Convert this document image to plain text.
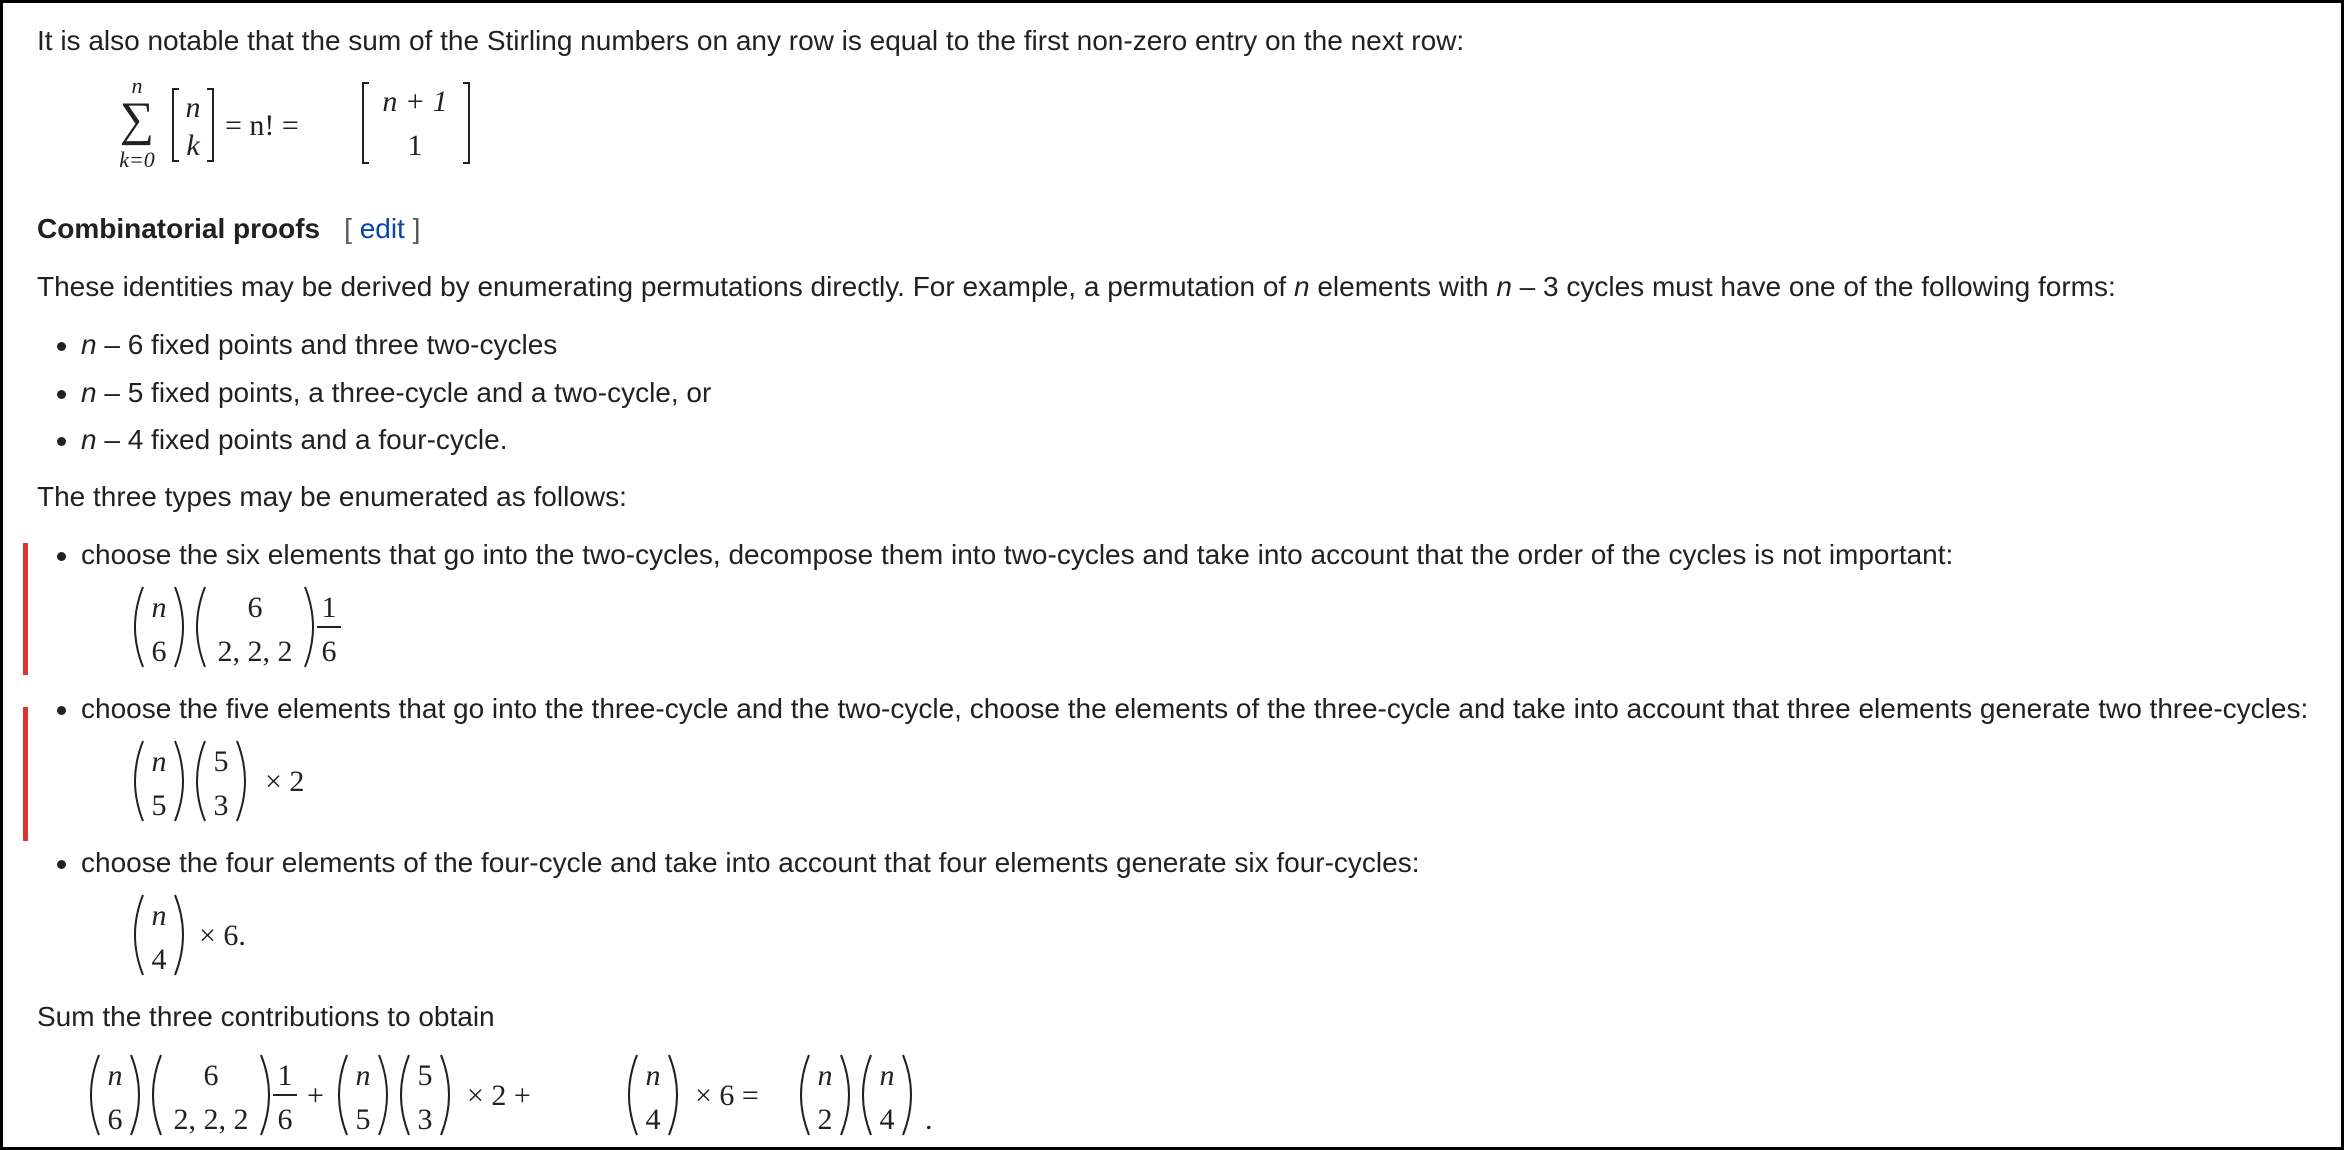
It is also notable that the sum of the Stirling numbers on any row is equal to the first non-zero entry on the next row:
n
∑
k=0
n
k
= n! =
n + 1
1
Combinatorial proofs [ edit ]
These identities may be derived by enumerating permutations directly. For example, a permutation of n elements with n – 3 cycles must have one of the following forms:
n – 6 fixed points and three two-cycles
n – 5 fixed points, a three-cycle and a two-cycle, or
n – 4 fixed points and a four-cycle.
The three types may be enumerated as follows:
choose the six elements that go into the two-cycles, decompose them into two-cycles and take into account that the order of the cycles is not important:
n
6
6
2, 2, 2
1
6
choose the five elements that go into the three-cycle and the two-cycle, choose the elements of the three-cycle and take into account that three elements generate two three-cycles:
n
5
5
3
× 2
choose the four elements of the four-cycle and take into account that four elements generate six four-cycles:
n
4
× 6.
Sum the three contributions to obtain
n
6
6
2, 2, 2
1
6
+
n
5
5
3
× 2 +
n
4
× 6 =
n
2
n
4 .
